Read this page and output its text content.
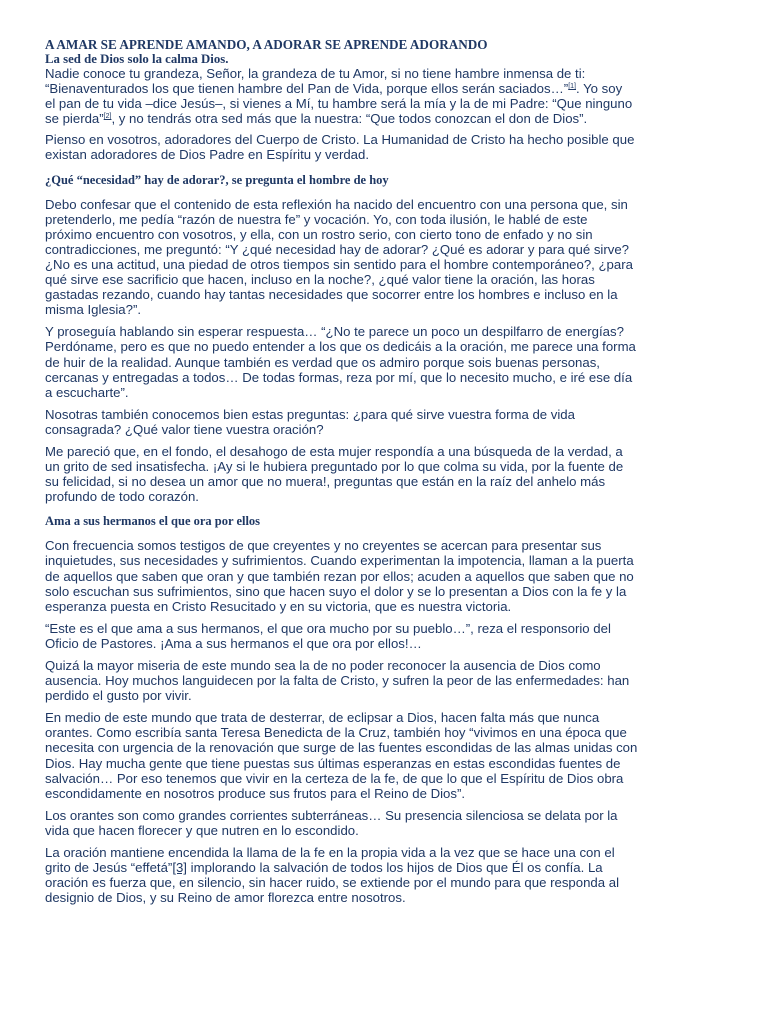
A AMAR SE APRENDE AMANDO, A ADORAR SE APRENDE ADORANDO
La sed de Dios solo la calma Dios.
Nadie conoce tu grandeza, Señor, la grandeza de tu Amor, si no tiene hambre inmensa de ti:
“Bienaventurados los que tienen hambre del Pan de Vida, porque ellos serán saciados…”[1]. Yo soy
el pan de tu vida –dice Jesús–, si vienes a Mí, tu hambre será la mía y la de mi Padre: “Que ninguno
se pierda”[2], y no tendrás otra sed más que la nuestra: “Que todos conozcan el don de Dios”.
Pienso en vosotros, adoradores del Cuerpo de Cristo. La Humanidad de Cristo ha hecho posible que
existan adoradores de Dios Padre en Espíritu y verdad.
¿Qué “necesidad” hay de adorar?, se pregunta el hombre de hoy
Debo confesar que el contenido de esta reflexión ha nacido del encuentro con una persona que, sin
pretenderlo, me pedía “razón de nuestra fe” y vocación. Yo, con toda ilusión, le hablé de este
próximo encuentro con vosotros, y ella, con un rostro serio, con cierto tono de enfado y no sin
contradicciones, me preguntó: “Y ¿qué necesidad hay de adorar? ¿Qué es adorar y para qué sirve?
¿No es una actitud, una piedad de otros tiempos sin sentido para el hombre contemporáneo?, ¿para
qué sirve ese sacrificio que hacen, incluso en la noche?, ¿qué valor tiene la oración, las horas
gastadas rezando, cuando hay tantas necesidades que socorrer entre los hombres e incluso en la
misma Iglesia?”.
Y proseguía hablando sin esperar respuesta… “¿No te parece un poco un despilfarro de energías?
Perdóname, pero es que no puedo entender a los que os dedicáis a la oración, me parece una forma
de huir de la realidad. Aunque también es verdad que os admiro porque sois buenas personas,
cercanas y entregadas a todos… De todas formas, reza por mí, que lo necesito mucho, e iré ese día
a escucharte”.
Nosotras también conocemos bien estas preguntas: ¿para qué sirve vuestra forma de vida
consagrada? ¿Qué valor tiene vuestra oración?
Me pareció que, en el fondo, el desahogo de esta mujer respondía a una búsqueda de la verdad, a
un grito de sed insatisfecha. ¡Ay si le hubiera preguntado por lo que colma su vida, por la fuente de
su felicidad, si no desea un amor que no muera!, preguntas que están en la raíz del anhelo más
profundo de todo corazón.
Ama a sus hermanos el que ora por ellos
Con frecuencia somos testigos de que creyentes y no creyentes se acercan para presentar sus
inquietudes, sus necesidades y sufrimientos. Cuando experimentan la impotencia, llaman a la puerta
de aquellos que saben que oran y que también rezan por ellos; acuden a aquellos que saben que no
solo escuchan sus sufrimientos, sino que hacen suyo el dolor y se lo presentan a Dios con la fe y la
esperanza puesta en Cristo Resucitado y en su victoria, que es nuestra victoria.
“Este es el que ama a sus hermanos, el que ora mucho por su pueblo…”, reza el responsorio del
Oficio de Pastores. ¡Ama a sus hermanos el que ora por ellos!…
Quizá la mayor miseria de este mundo sea la de no poder reconocer la ausencia de Dios como
ausencia. Hoy muchos languidecen por la falta de Cristo, y sufren la peor de las enfermedades: han
perdido el gusto por vivir.
En medio de este mundo que trata de desterrar, de eclipsar a Dios, hacen falta más que nunca
orantes. Como escribía santa Teresa Benedicta de la Cruz, también hoy “vivimos en una época que
necesita con urgencia de la renovación que surge de las fuentes escondidas de las almas unidas con
Dios. Hay mucha gente que tiene puestas sus últimas esperanzas en estas escondidas fuentes de
salvación… Por eso tenemos que vivir en la certeza de la fe, de que lo que el Espíritu de Dios obra
escondidamente en nosotros produce sus frutos para el Reino de Dios”.
Los orantes son como grandes corrientes subterráneas… Su presencia silenciosa se delata por la
vida que hacen florecer y que nutren en lo escondido.
La oración mantiene encendida la llama de la fe en la propia vida a la vez que se hace una con el
grito de Jesús “effetá”[3] implorando la salvación de todos los hijos de Dios que Él os confía. La
oración es fuerza que, en silencio, sin hacer ruido, se extiende por el mundo para que responda al
designio de Dios, y su Reino de amor florezca entre nosotros.
